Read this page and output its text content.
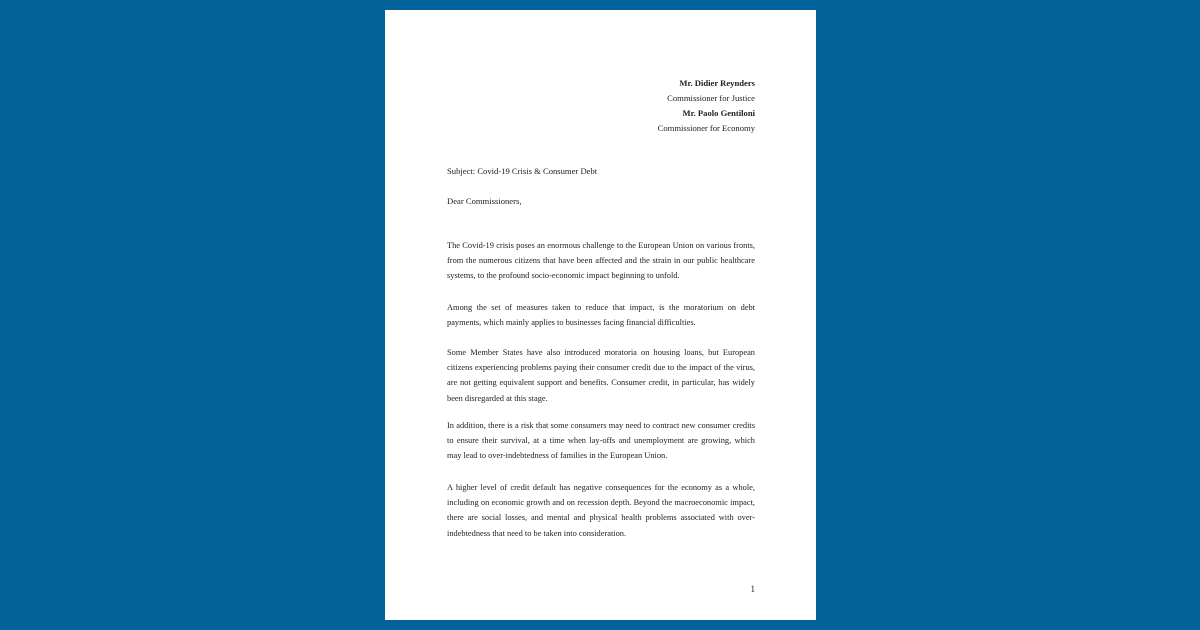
Mr. Didier Reynders
Commissioner for Justice
Mr. Paolo Gentiloni
Commissioner for Economy
Subject: Covid-19 Crisis & Consumer Debt
Dear Commissioners,

The Covid-19 crisis poses an enormous challenge to the European Union on various fronts, from the numerous citizens that have been affected and the strain in our public healthcare systems, to the profound socio-economic impact beginning to unfold.

Among the set of measures taken to reduce that impact, is the moratorium on debt payments, which mainly applies to businesses facing financial difficulties.

Some Member States have also introduced moratoria on housing loans, but European citizens experiencing problems paying their consumer credit due to the impact of the virus, are not getting equivalent support and benefits. Consumer credit, in particular, has widely been disregarded at this stage.

In addition, there is a risk that some consumers may need to contract new consumer credits to ensure their survival, at a time when lay-offs and unemployment are growing, which may lead to over-indebtedness of families in the European Union.

A higher level of credit default has negative consequences for the economy as a whole, including on economic growth and on recession depth. Beyond the macroeconomic impact, there are social losses, and mental and physical health problems associated with over-indebtedness that need to be taken into consideration.

1
